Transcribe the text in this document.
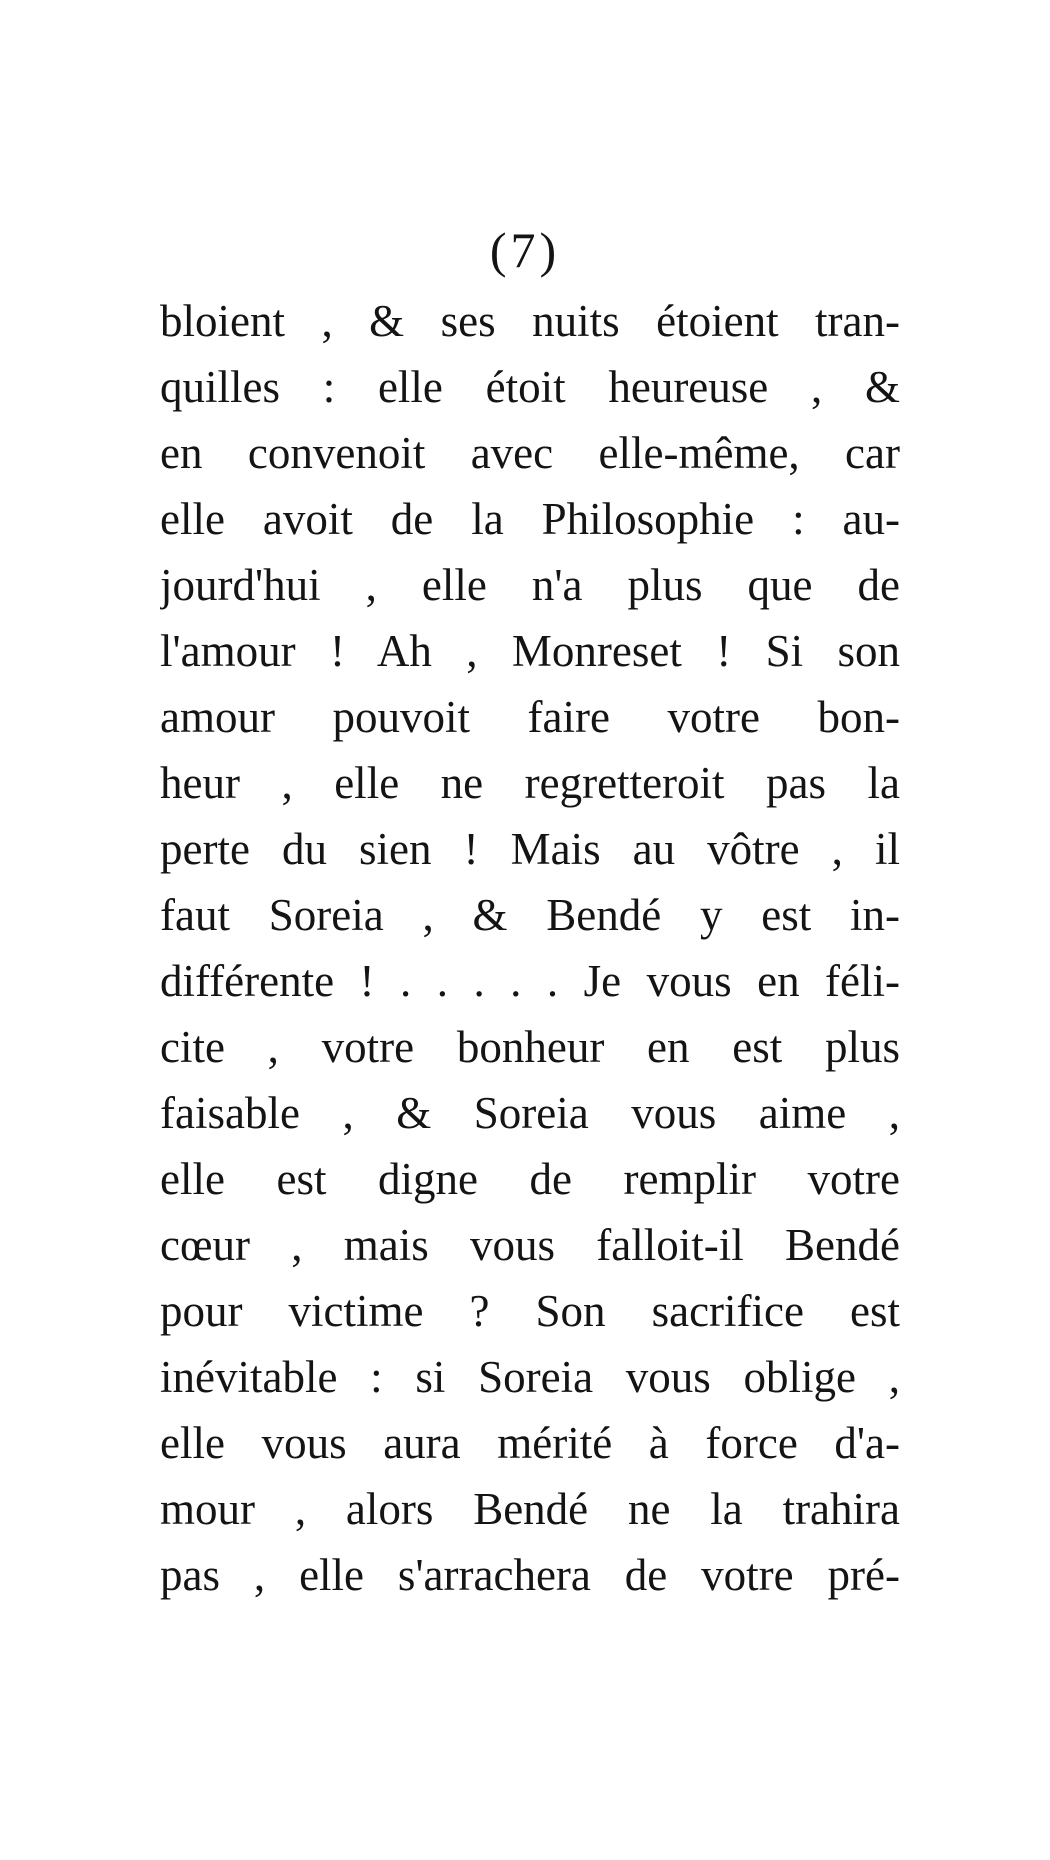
(7)
bloient , & ses nuits étoient tran-
quilles : elle étoit heureuse , &
en convenoit avec elle-même, car
elle avoit de la Philosophie : au-
jourd'hui , elle n'a plus que de
l'amour ! Ah , Monreset ! Si son
amour pouvoit faire votre bon-
heur , elle ne regretteroit pas la
perte du sien ! Mais au vôtre , il
faut Soreia , & Bendé y est in-
différente ! . . . . . Je vous en féli-
cite , votre bonheur en est plus
faisable , & Soreia vous aime ,
elle est digne de remplir votre
cœur , mais vous falloit-il Bendé
pour victime ? Son sacrifice est
inévitable : si Soreia vous oblige ,
elle vous aura mérité à force d'a-
mour , alors Bendé ne la trahira
pas , elle s'arrachera de votre pré-
